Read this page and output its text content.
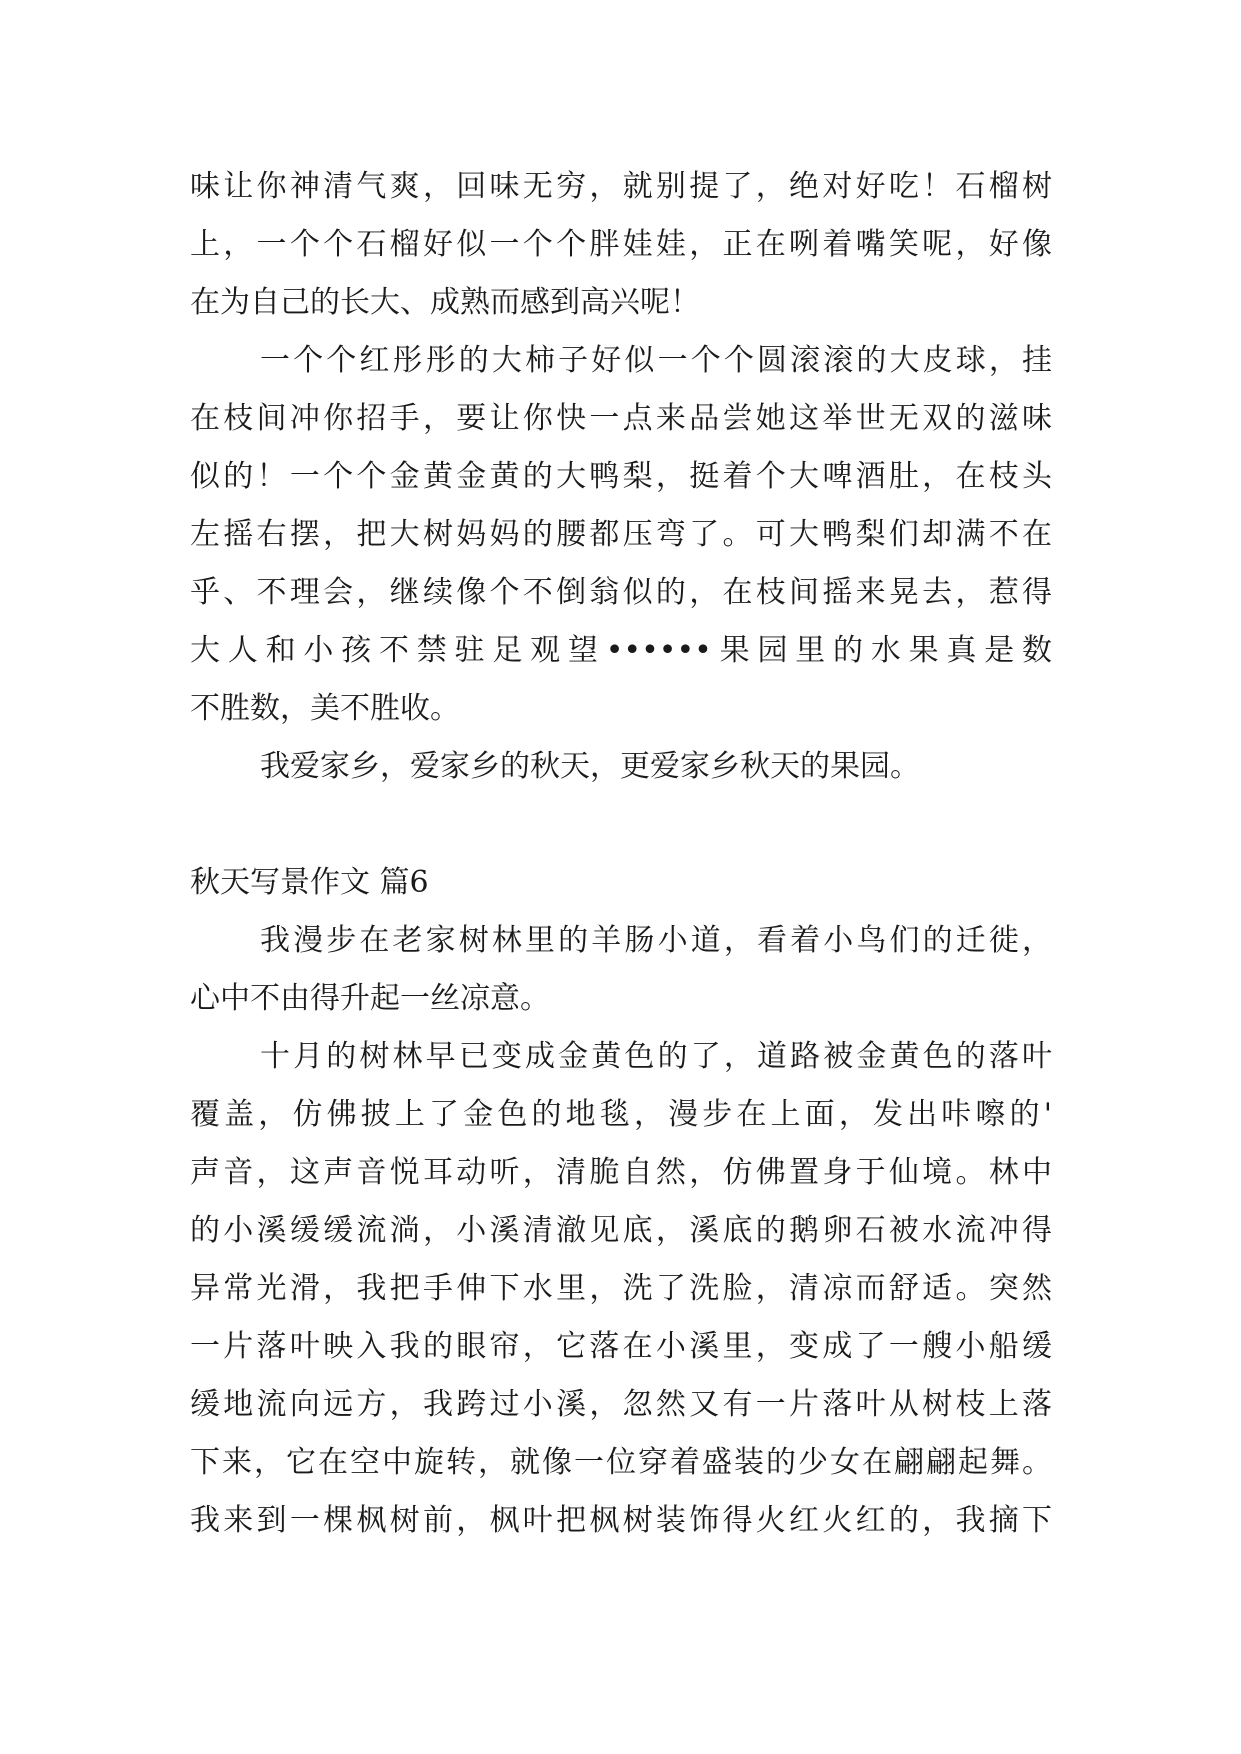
味让你神清气爽，回味无穷，就别提了，绝对好吃！石榴树
上，一个个石榴好似一个个胖娃娃，正在咧着嘴笑呢，好像
在为自己的长大、成熟而感到高兴呢！
一个个红彤彤的大柿子好似一个个圆滚滚的大皮球，挂
在枝间冲你招手，要让你快一点来品尝她这举世无双的滋味
似的！一个个金黄金黄的大鸭梨，挺着个大啤酒肚，在枝头
左摇右摆，把大树妈妈的腰都压弯了。可大鸭梨们却满不在
乎、不理会，继续像个不倒翁似的，在枝间摇来晃去，惹得
大人和小孩不禁驻足观望••••••果园里的水果真是数
不胜数，美不胜收。
我爱家乡，爱家乡的秋天，更爱家乡秋天的果园。
秋天写景作文 篇6
我漫步在老家树林里的羊肠小道，看着小鸟们的迁徙，
心中不由得升起一丝凉意。
十月的树林早已变成金黄色的了，道路被金黄色的落叶
覆盖，仿佛披上了金色的地毯，漫步在上面，发出咔嚓的'
声音，这声音悦耳动听，清脆自然，仿佛置身于仙境。林中
的小溪缓缓流淌，小溪清澈见底，溪底的鹅卵石被水流冲得
异常光滑，我把手伸下水里，洗了洗脸，清凉而舒适。突然
一片落叶映入我的眼帘，它落在小溪里，变成了一艘小船缓
缓地流向远方，我跨过小溪，忽然又有一片落叶从树枝上落
下来，它在空中旋转，就像一位穿着盛装的少女在翩翩起舞。
我来到一棵枫树前，枫叶把枫树装饰得火红火红的，我摘下
